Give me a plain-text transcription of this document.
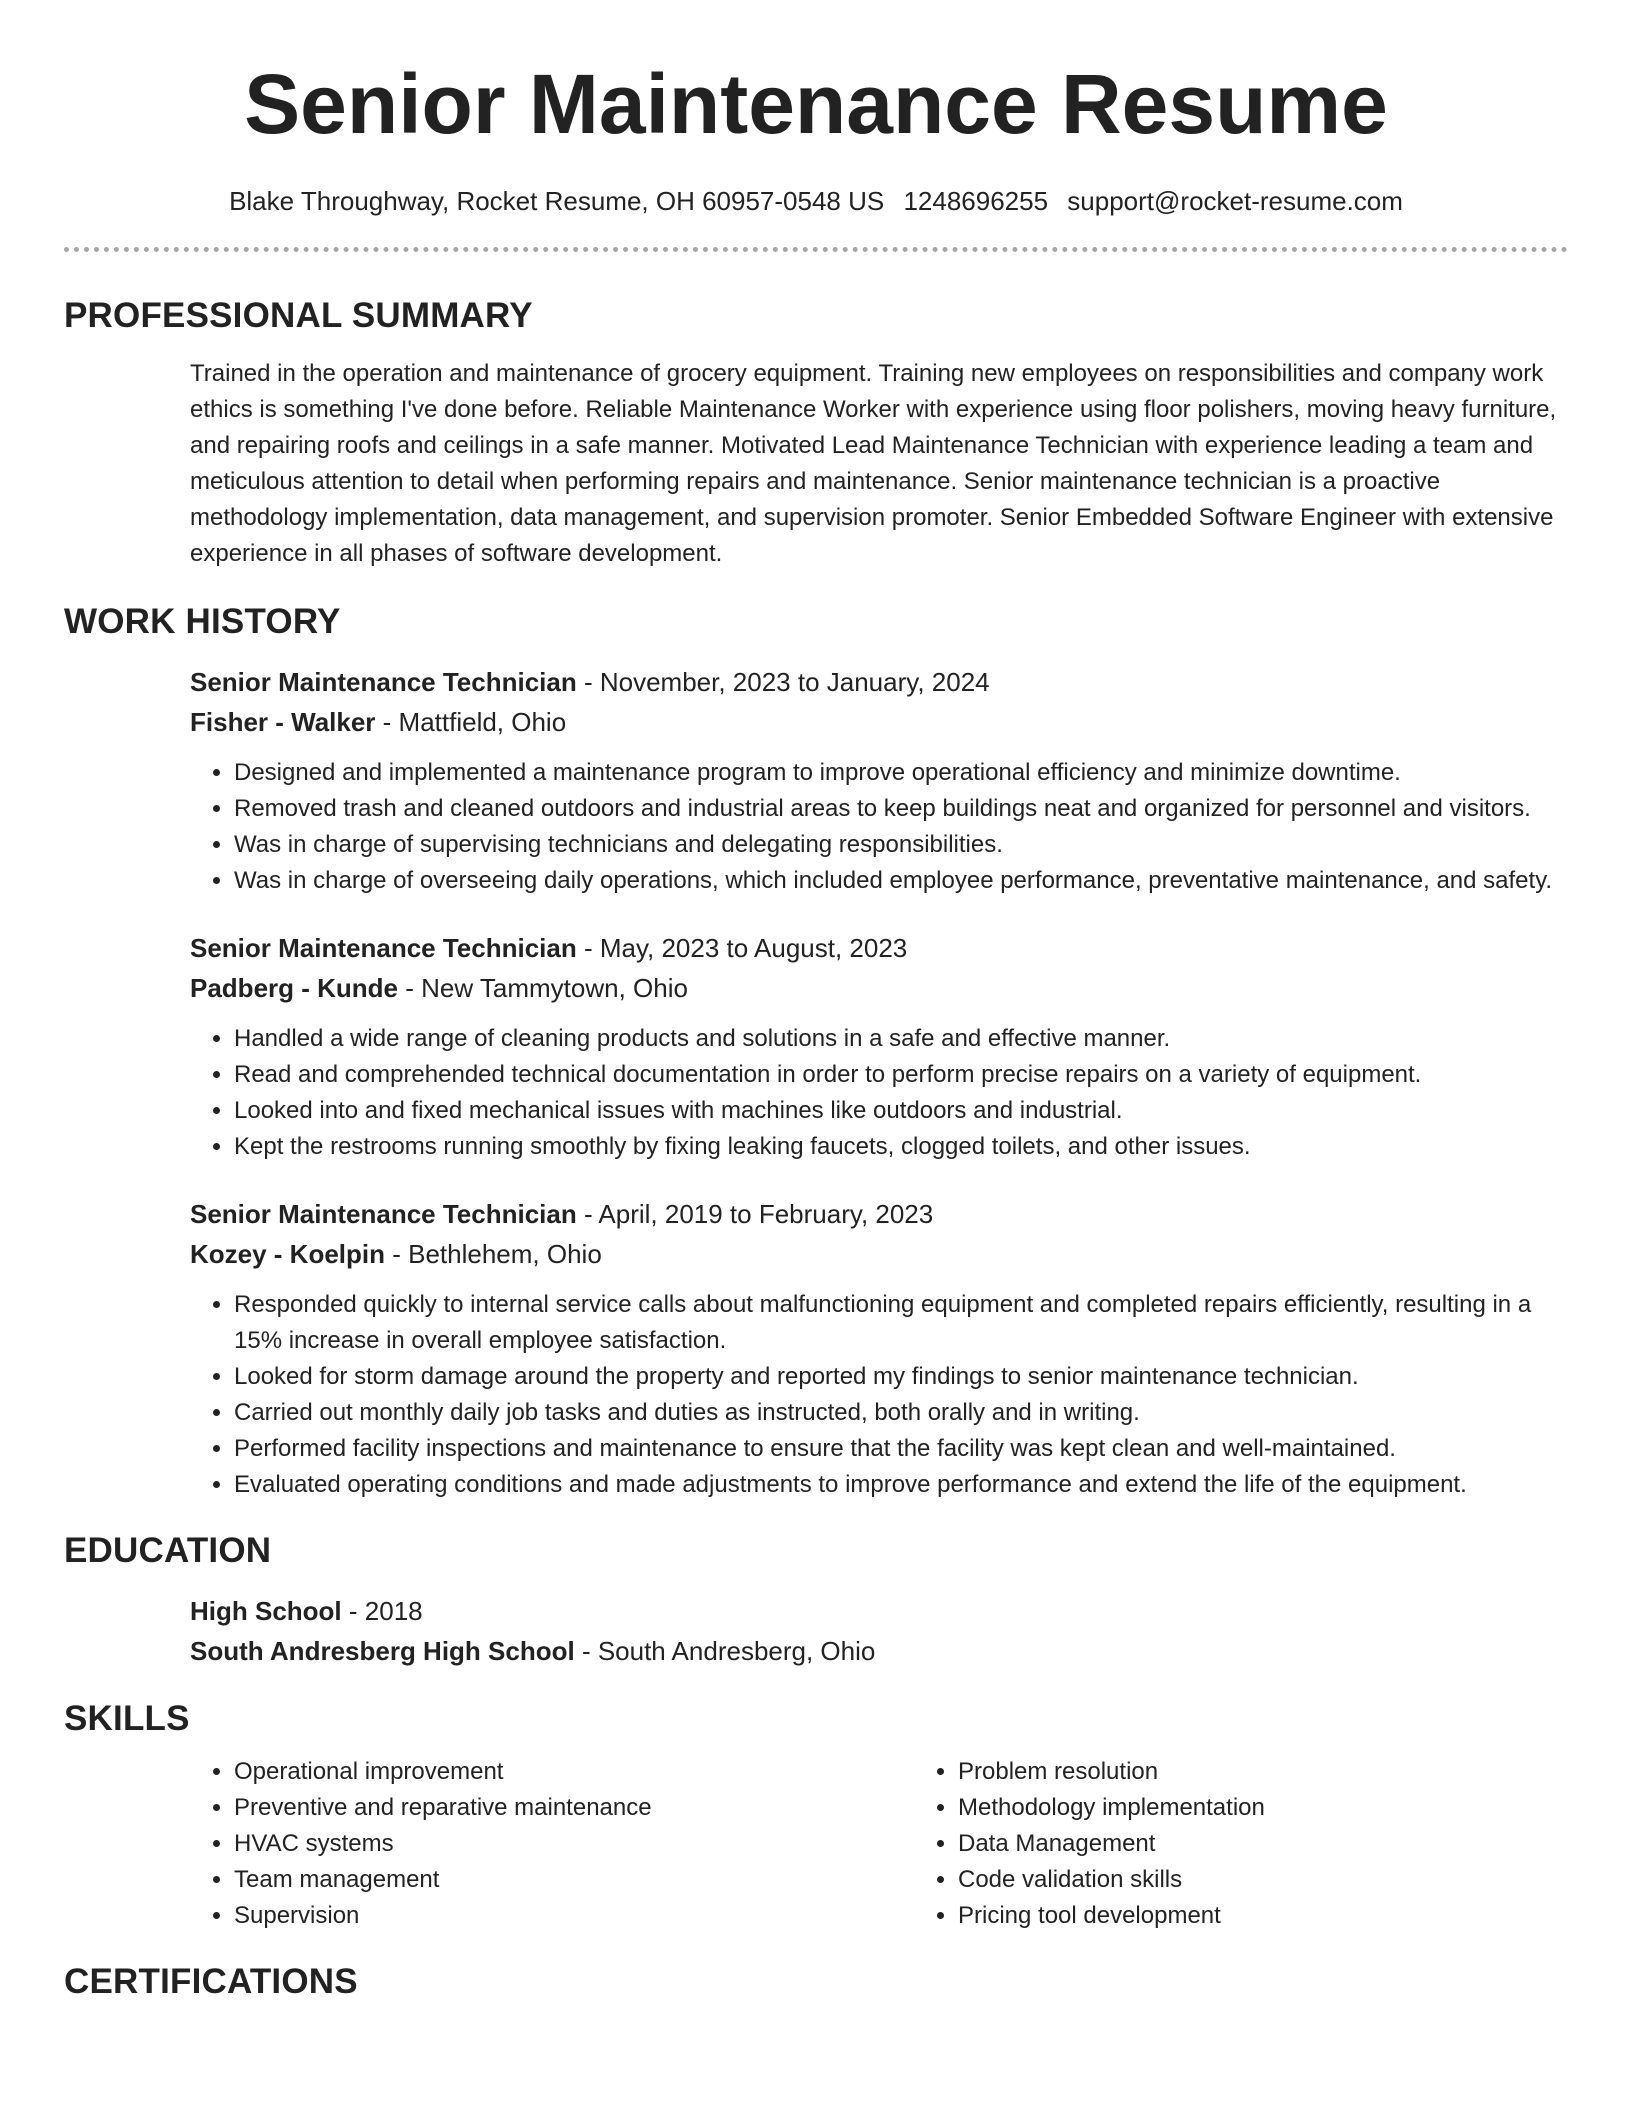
Senior Maintenance Resume
Blake Throughway, Rocket Resume, OH 60957-0548 US 1248696255 support@rocket-resume.com
PROFESSIONAL SUMMARY

Trained in the operation and maintenance of grocery equipment. Training new employees on responsibilities and company work ethics is something I've done before. Reliable Maintenance Worker with experience using floor polishers, moving heavy furniture, and repairing roofs and ceilings in a safe manner. Motivated Lead Maintenance Technician with experience leading a team and meticulous attention to detail when performing repairs and maintenance. Senior maintenance technician is a proactive methodology implementation, data management, and supervision promoter. Senior Embedded Software Engineer with extensive experience in all phases of software development.

WORK HISTORY
Senior Maintenance Technician - November, 2023 to January, 2024
Fisher - Walker - Mattfield, Ohio
• Designed and implemented a maintenance program to improve operational efficiency and minimize downtime.
• Removed trash and cleaned outdoors and industrial areas to keep buildings neat and organized for personnel and visitors.
• Was in charge of supervising technicians and delegating responsibilities.
• Was in charge of overseeing daily operations, which included employee performance, preventative maintenance, and safety.
Senior Maintenance Technician - May, 2023 to August, 2023
Padberg - Kunde - New Tammytown, Ohio
• Handled a wide range of cleaning products and solutions in a safe and effective manner.
• Read and comprehended technical documentation in order to perform precise repairs on a variety of equipment.
• Looked into and fixed mechanical issues with machines like outdoors and industrial.
• Kept the restrooms running smoothly by fixing leaking faucets, clogged toilets, and other issues.
Senior Maintenance Technician - April, 2019 to February, 2023
Kozey - Koelpin - Bethlehem, Ohio
• Responded quickly to internal service calls about malfunctioning equipment and completed repairs efficiently, resulting in a 15% increase in overall employee satisfaction.
• Looked for storm damage around the property and reported my findings to senior maintenance technician.
• Carried out monthly daily job tasks and duties as instructed, both orally and in writing.
• Performed facility inspections and maintenance to ensure that the facility was kept clean and well-maintained.
• Evaluated operating conditions and made adjustments to improve performance and extend the life of the equipment.
EDUCATION
High School - 2018
South Andresberg High School - South Andresberg, Ohio
SKILLS
• Operational improvement
• Preventive and reparative maintenance
• HVAC systems
• Team management
• Supervision
• Problem resolution
• Methodology implementation
• Data Management
• Code validation skills
• Pricing tool development
CERTIFICATIONS
